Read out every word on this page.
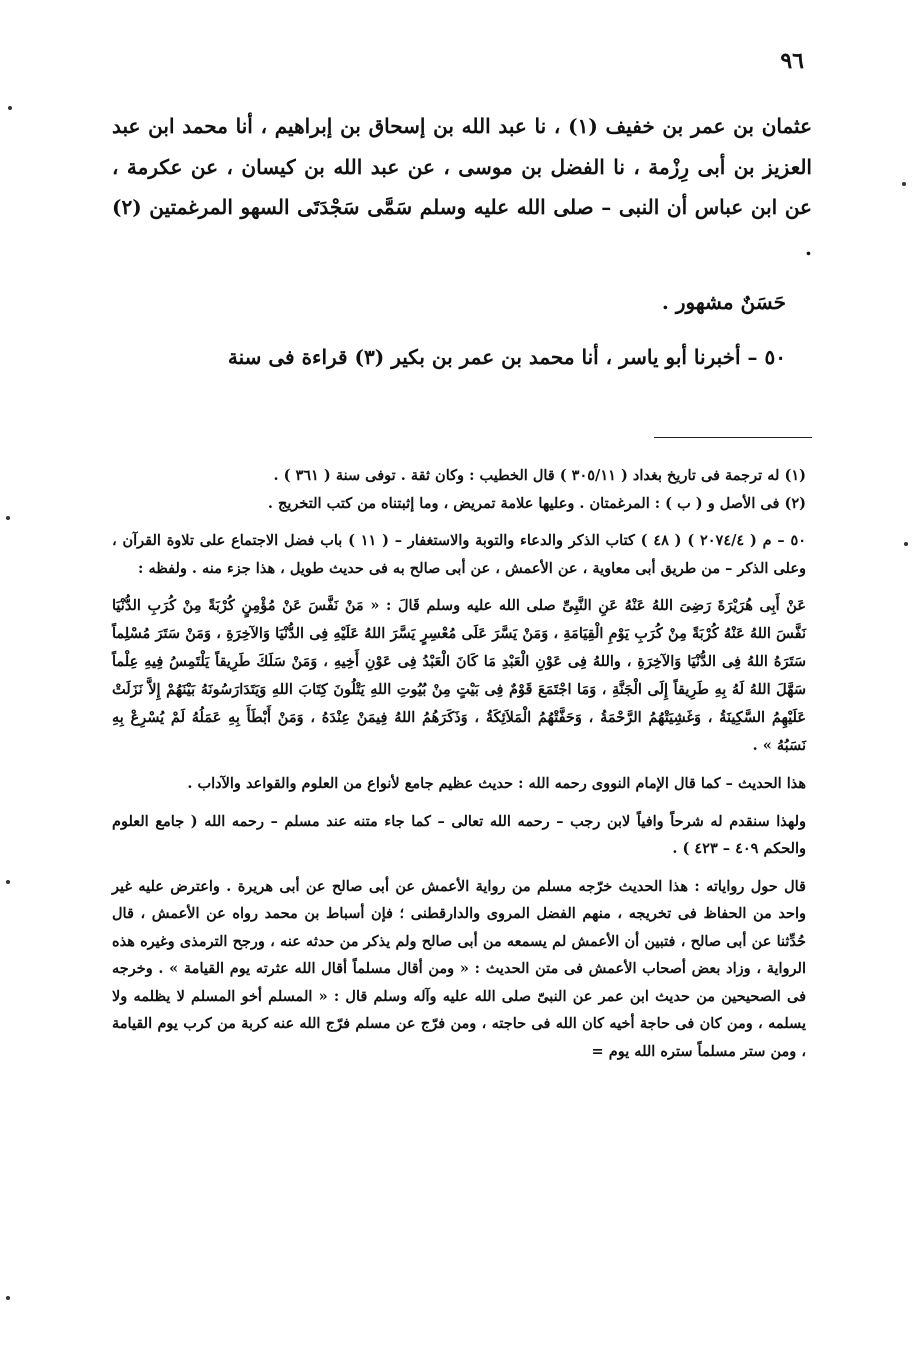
٩٦

عثمان بن عمر بن خفيف (١) ، نا عبد الله بن إسحاق بن إبراهيم ، أنا محمد ابن عبد العزيز بن أبى رِزْمة ، نا الفضل بن موسى ، عن عبد الله بن كيسان ، عن عكرمة ، عن ابن عباس أن النبى – صلى الله عليه وسلم سَمَّى سَجْدَتَى السهو المرغمتين (٢) .

حَسَنٌ مشهور .

٥٠ – أخبرنا أبو ياسر ، أنا محمد بن عمر بن بكير (٣) قراءة فى سنة

(١) له ترجمة فى تاريخ بغداد ( ٣٠٥/١١ ) قال الخطيب : وكان ثقة . توفى سنة ( ٣٦١ ) .

(٢) فى الأصل و ( ب ) : المرغمتان . وعليها علامة تمريض ، وما إثبتناه من كتب التخريج .

٥٠ – م ( ٢٠٧٤/٤ ) ( ٤٨ ) كتاب الذكر والدعاء والتوبة والاستغفار – ( ١١ ) باب فضل الاجتماع على تلاوة القرآن ، وعلى الذكر – من طريق أبى معاوية ، عن الأعمش ، عن أبى صالح به فى حديث طويل ، هذا جزء منه . ولفظه :

عَنْ أَبِى هُرَيْرَةَ رَضِىَ اللهُ عَنْهُ عَنِ النَّبِىِّ صلى الله عليه وسلم قَالَ : « مَنْ نَفَّسَ عَنْ مُؤْمِنٍ كُرْبَةً مِنْ كُرَبِ الدُّنْيَا نَفَّسَ اللهُ عَنْهُ كُرْبَةً مِنْ كُرَبِ يَوْمِ الْقِيَامَةِ ، وَمَنْ يَسَّرَ عَلَى مُعْسِرٍ يَسَّرَ اللهُ عَلَيْهِ فِى الدُّنْيَا وَالآخِرَةِ ، وَمَنْ سَتَرَ مُسْلِماً سَتَرَهُ اللهُ فِى الدُّنْيَا وَالآخِرَةِ ، واللهُ فِى عَوْنِ الْعَبْدِ مَا كَانَ الْعَبْدُ فِى عَوْنِ أَخِيهِ ، وَمَنْ سَلَكَ طَرِيقاً يَلْتَمِسُ فِيهِ عِلْماً سَهَّلَ اللهُ لَهُ بِهِ طَرِيقاً إِلَى الْجَنَّةِ ، وَمَا اجْتَمَعَ قَوْمٌ فِى بَيْتٍ مِنْ بُيُوتِ اللهِ يَتْلُونَ كِتَابَ اللهِ وَيَتَدَارَسُونَهُ بَيْنَهُمْ إِلاَّ نَزَلَتْ عَلَيْهِمُ السَّكِينَةُ ، وَغَشِيَتْهُمُ الرَّحْمَةُ ، وَحَفَّتْهُمُ الْمَلاَئِكَةُ ، وَذَكَرَهُمُ اللهُ فِيمَنْ عِنْدَهُ ، وَمَنْ أَبْطَأَ بِهِ عَمَلُهُ لَمْ يُسْرِعْ بِهِ نَسَبُهُ » .

هذا الحديث – كما قال الإمام النووى رحمه الله : حديث عظيم جامع لأنواع من العلوم والقواعد والآداب .

ولهذا سنقدم له شرحاً وافياً لابن رجب – رحمه الله تعالى – كما جاء متنه عند مسلم – رحمه الله ( جامع العلوم والحكم ٤٠٩ – ٤٢٣ ) .

قال حول رواياته : هذا الحديث خرّجه مسلم من رواية الأعمش عن أبى صالح عن أبى هريرة . واعترض عليه غير واحد من الحفاظ فى تخريجه ، منهم الفضل المروى والدارقطنى ؛ فإن أسباط بن محمد رواه عن الأعمش ، قال حُدِّثنا عن أبى صالح ، فتبين أن الأعمش لم يسمعه من أبى صالح ولم يذكر من حدثه عنه ، ورجح الترمذى وغيره هذه الرواية ، وزاد بعض أصحاب الأعمش فى متن الحديث : « ومن أقال مسلماً أقال الله عثرته يوم القيامة » . وخرجه فى الصحيحين من حديث ابن عمر عن النبىّ صلى الله عليه وآله وسلم قال : « المسلم أخو المسلم لا يظلمه ولا يسلمه ، ومن كان فى حاجة أخيه كان الله فى حاجته ، ومن فرّج عن مسلم فرّج الله عنه كربة من كرب يوم القيامة ، ومن ستر مسلماً ستره الله يوم =
